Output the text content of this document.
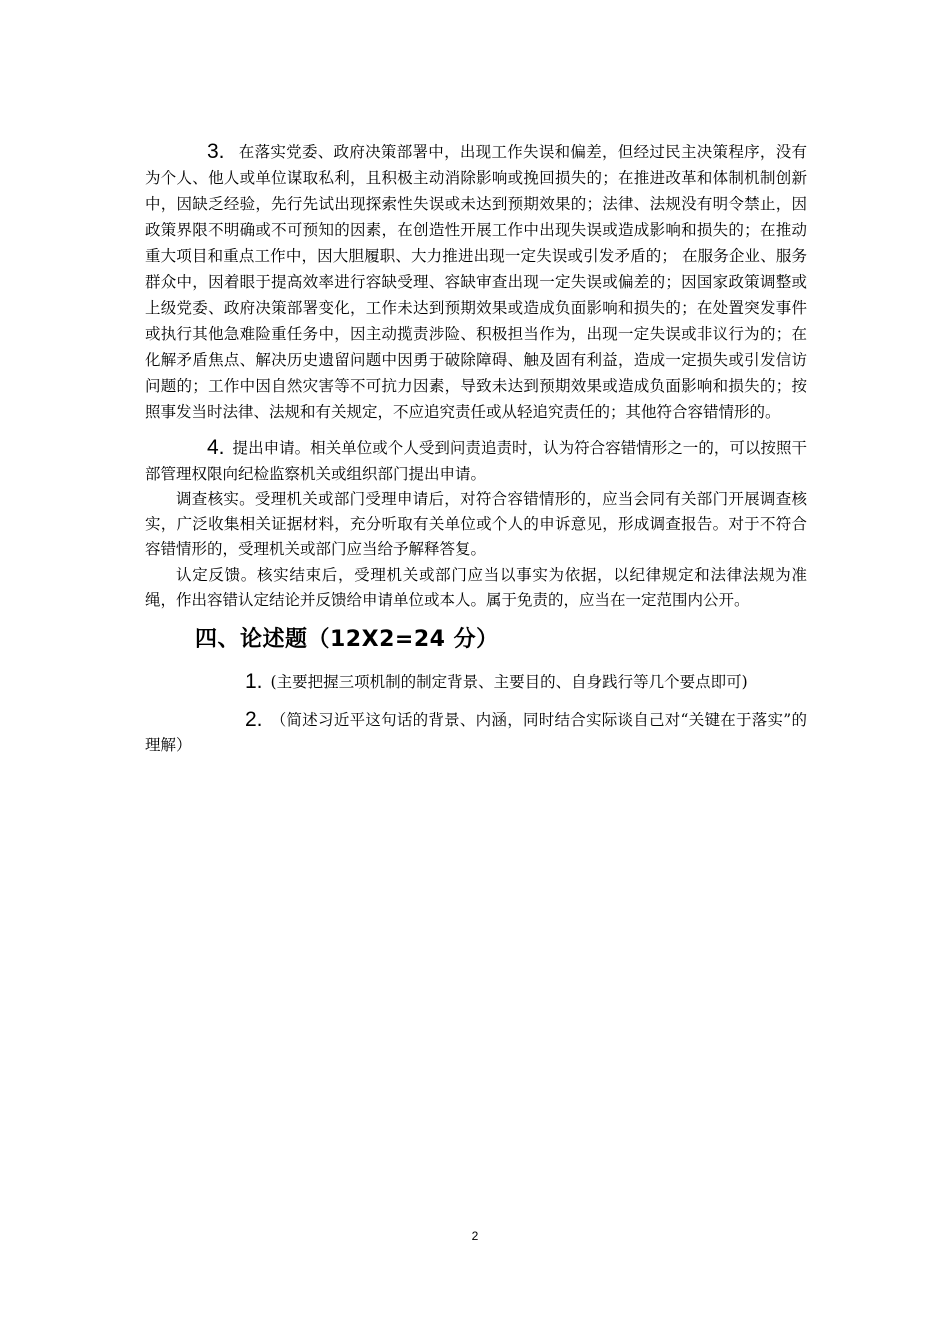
3. 在落实党委、政府决策部署中，出现工作失误和偏差，但经过民主决策程序，没有为个人、他人或单位谋取私利，且积极主动消除影响或挽回损失的；在推进改革和体制机制创新中，因缺乏经验，先行先试出现探索性失误或未达到预期效果的；法律、法规没有明令禁止，因政策界限不明确或不可预知的因素，在创造性开展工作中出现失误或造成影响和损失的；在推动重大项目和重点工作中，因大胆履职、大力推进出现一定失误或引发矛盾的； 在服务企业、服务群众中，因着眼于提高效率进行容缺受理、容缺审查出现一定失误或偏差的；因国家政策调整或上级党委、政府决策部署变化，工作未达到预期效果或造成负面影响和损失的；在处置突发事件或执行其他急难险重任务中，因主动揽责涉险、积极担当作为，出现一定失误或非议行为的；在化解矛盾焦点、解决历史遗留问题中因勇于破除障碍、触及固有利益，造成一定损失或引发信访问题的；工作中因自然灾害等不可抗力因素，导致未达到预期效果或造成负面影响和损失的；按照事发当时法律、法规和有关规定，不应追究责任或从轻追究责任的；其他符合容错情形的。

4. 提出申请。相关单位或个人受到问责追责时，认为符合容错情形之一的，可以按照干部管理权限向纪检监察机关或组织部门提出申请。

调查核实。受理机关或部门受理申请后，对符合容错情形的，应当会同有关部门开展调查核实，广泛收集相关证据材料，充分听取有关单位或个人的申诉意见，形成调查报告。对于不符合容错情形的，受理机关或部门应当给予解释答复。

认定反馈。核实结束后，受理机关或部门应当以事实为依据，以纪律规定和法律法规为准绳，作出容错认定结论并反馈给申请单位或本人。属于免责的，应当在一定范围内公开。

四、论述题（12X2=24 分）

1. (主要把握三项机制的制定背景、主要目的、自身践行等几个要点即可)

2. （简述习近平这句话的背景、内涵，同时结合实际谈自己对“关键在于落实”的理解）

2
